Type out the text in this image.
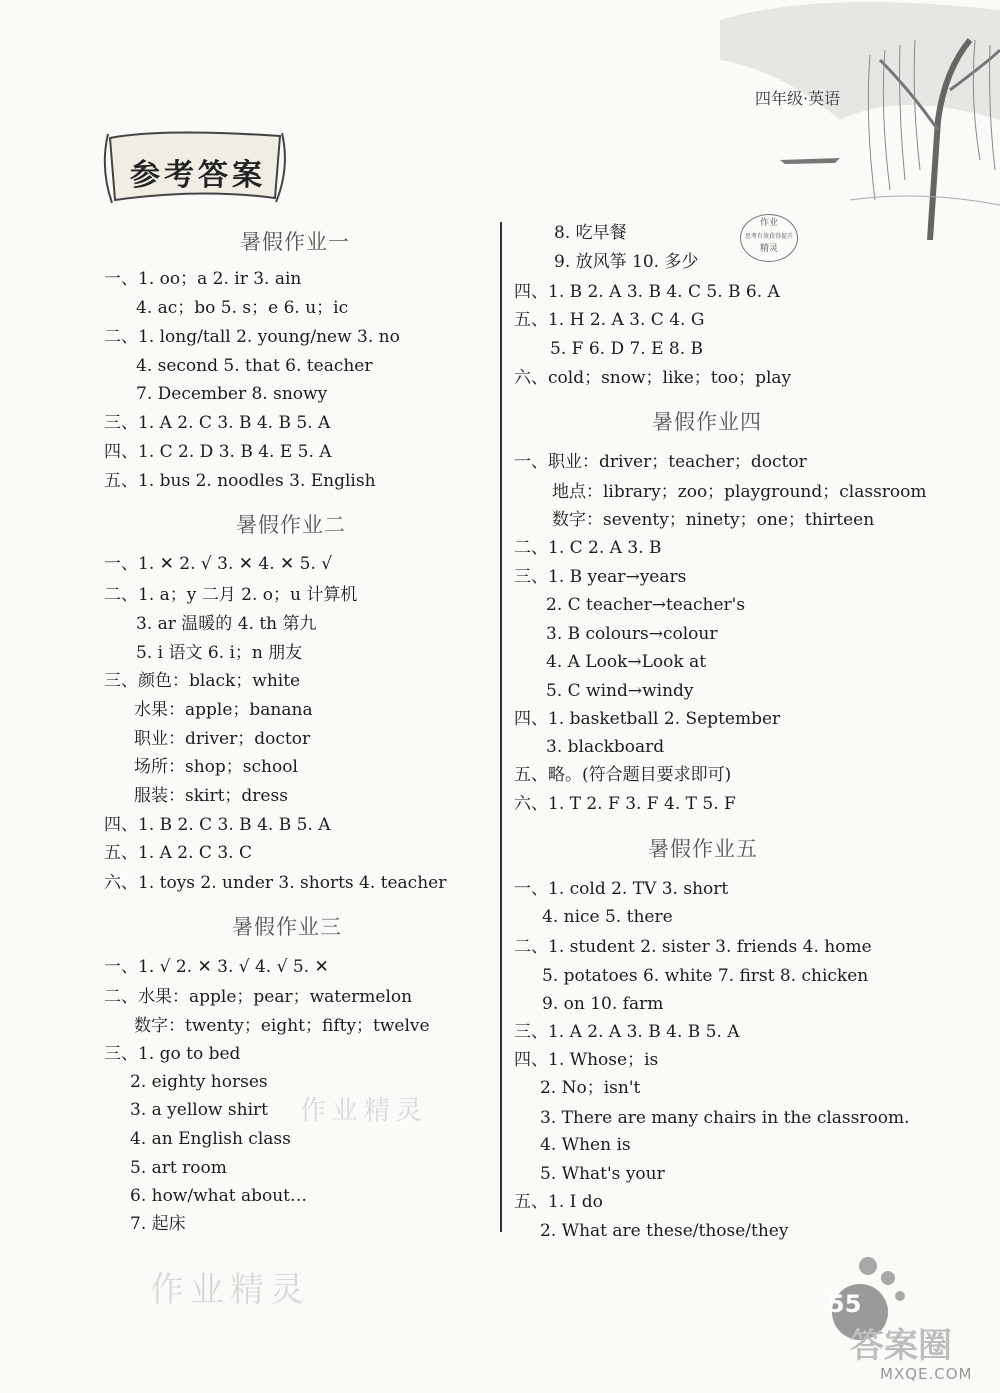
四年级·英语
参考答案
暑假作业一
一、1. oo；a 2. ir 3. ain
4. ac；bo 5. s；e 6. u；ic
二、1. long/tall 2. young/new 3. no
4. second 5. that 6. teacher
7. December 8. snowy
三、1. A 2. C 3. B 4. B 5. A
四、1. C 2. D 3. B 4. E 5. A
五、1. bus 2. noodles 3. English
暑假作业二
一、1. ✕ 2. √ 3. ✕ 4. ✕ 5. √
二、1. a；y 二月 2. o；u 计算机
3. ar 温暖的 4. th 第九
5. i 语文 6. i；n 朋友
三、颜色：black；white
水果：apple；banana
职业：driver；doctor
场所：shop；school
服装：skirt；dress
四、1. B 2. C 3. B 4. B 5. A
五、1. A 2. C 3. C
六、1. toys 2. under 3. shorts 4. teacher
暑假作业三
一、1. √ 2. ✕ 3. √ 4. √ 5. ✕
二、水果：apple；pear；watermelon
数字：twenty；eight；fifty；twelve
三、1. go to bed
2. eighty horses
3. a yellow shirt
4. an English class
5. art room
6. how/what about…
7. 起床
作业
思考有效获得提升
精灵
8. 吃早餐
9. 放风筝 10. 多少
四、1. B 2. A 3. B 4. C 5. B 6. A
五、1. H 2. A 3. C 4. G
5. F 6. D 7. E 8. B
六、cold；snow；like；too；play
暑假作业四
一、职业：driver；teacher；doctor
地点：library；zoo；playground；classroom
数字：seventy；ninety；one；thirteen
二、1. C 2. A 3. B
三、1. B year→years
2. C teacher→teacher's
3. B colours→colour
4. A Look→Look at
5. C wind→windy
四、1. basketball 2. September
3. blackboard
五、略。(符合题目要求即可)
六、1. T 2. F 3. F 4. T 5. F
暑假作业五
一、1. cold 2. TV 3. short
4. nice 5. there
二、1. student 2. sister 3. friends 4. home
5. potatoes 6. white 7. first 8. chicken
9. on 10. farm
三、1. A 2. A 3. B 4. B 5. A
四、1. Whose；is
2. No；isn't
3. There are many chairs in the classroom.
4. When is
5. What's your
五、1. I do
2. What are these/those/they
作业精灵
作业精灵	55
答案圈
MXQE.COM
